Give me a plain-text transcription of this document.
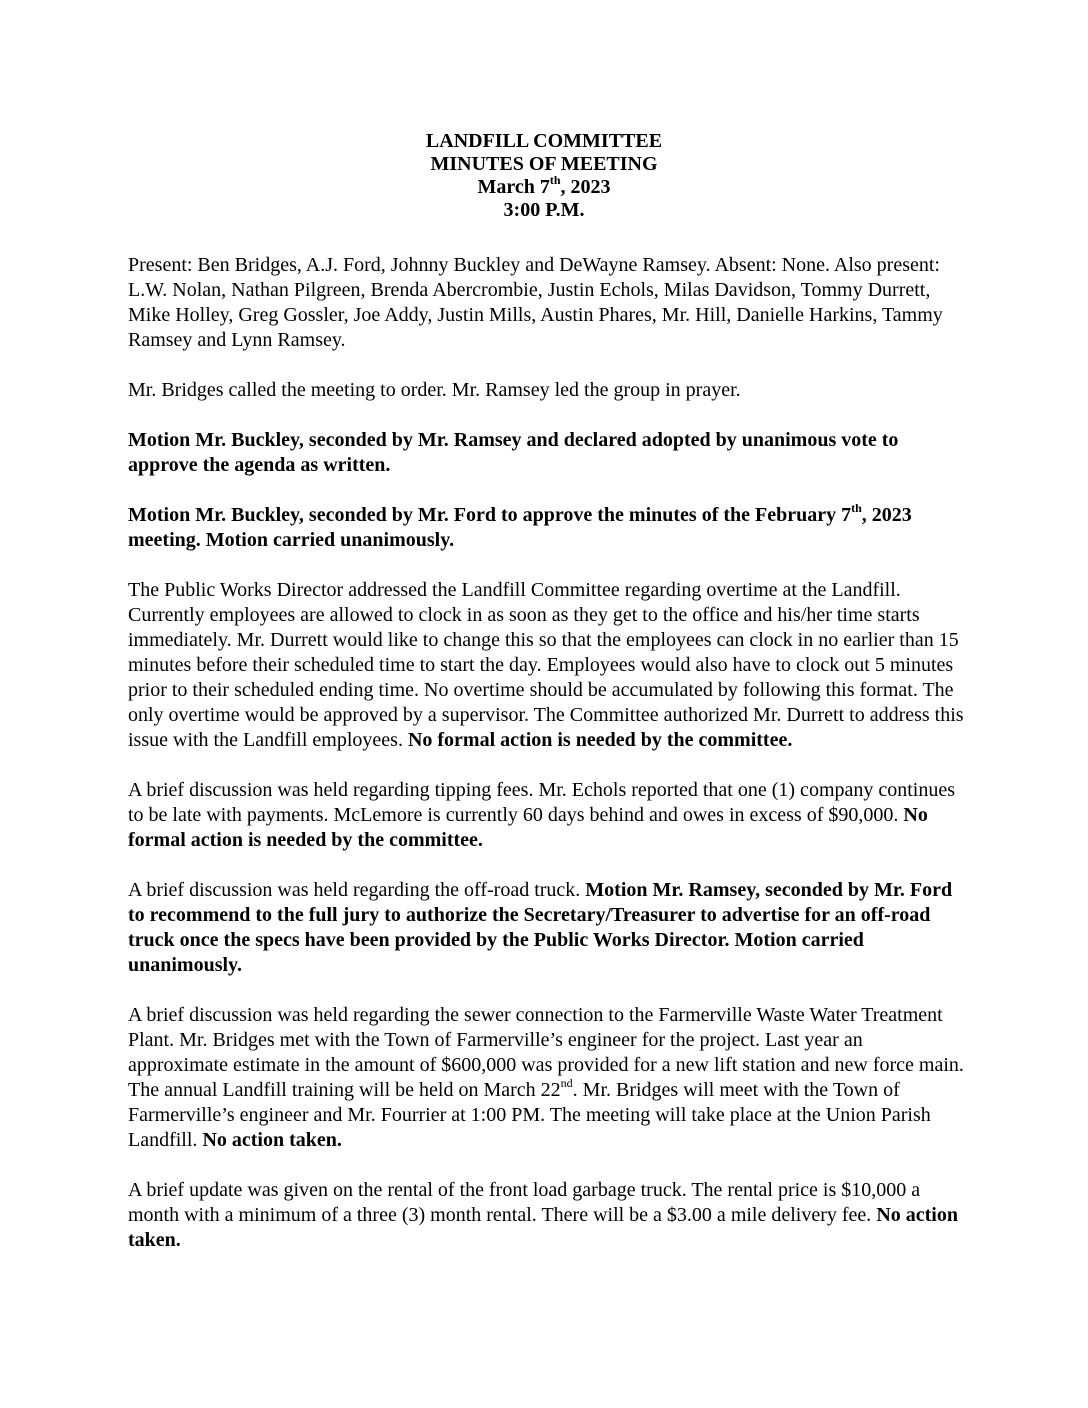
LANDFILL COMMITTEE
MINUTES OF MEETING
March 7th, 2023
3:00 P.M.

Present: Ben Bridges, A.J. Ford, Johnny Buckley and DeWayne Ramsey. Absent: None. Also present: L.W. Nolan, Nathan Pilgreen, Brenda Abercrombie, Justin Echols, Milas Davidson, Tommy Durrett, Mike Holley, Greg Gossler, Joe Addy, Justin Mills, Austin Phares, Mr. Hill, Danielle Harkins, Tammy Ramsey and Lynn Ramsey.

Mr. Bridges called the meeting to order. Mr. Ramsey led the group in prayer.

Motion Mr. Buckley, seconded by Mr. Ramsey and declared adopted by unanimous vote to approve the agenda as written.

Motion Mr. Buckley, seconded by Mr. Ford to approve the minutes of the February 7th, 2023 meeting. Motion carried unanimously.

The Public Works Director addressed the Landfill Committee regarding overtime at the Landfill. Currently employees are allowed to clock in as soon as they get to the office and his/her time starts immediately. Mr. Durrett would like to change this so that the employees can clock in no earlier than 15 minutes before their scheduled time to start the day. Employees would also have to clock out 5 minutes prior to their scheduled ending time. No overtime should be accumulated by following this format. The only overtime would be approved by a supervisor. The Committee authorized Mr. Durrett to address this issue with the Landfill employees. No formal action is needed by the committee.

A brief discussion was held regarding tipping fees. Mr. Echols reported that one (1) company continues to be late with payments. McLemore is currently 60 days behind and owes in excess of $90,000. No formal action is needed by the committee.

A brief discussion was held regarding the off-road truck. Motion Mr. Ramsey, seconded by Mr. Ford to recommend to the full jury to authorize the Secretary/Treasurer to advertise for an off-road truck once the specs have been provided by the Public Works Director. Motion carried unanimously.

A brief discussion was held regarding the sewer connection to the Farmerville Waste Water Treatment Plant. Mr. Bridges met with the Town of Farmerville’s engineer for the project. Last year an approximate estimate in the amount of $600,000 was provided for a new lift station and new force main. The annual Landfill training will be held on March 22nd. Mr. Bridges will meet with the Town of Farmerville’s engineer and Mr. Fourrier at 1:00 PM. The meeting will take place at the Union Parish Landfill. No action taken.

A brief update was given on the rental of the front load garbage truck. The rental price is $10,000 a month with a minimum of a three (3) month rental. There will be a $3.00 a mile delivery fee. No action taken.
